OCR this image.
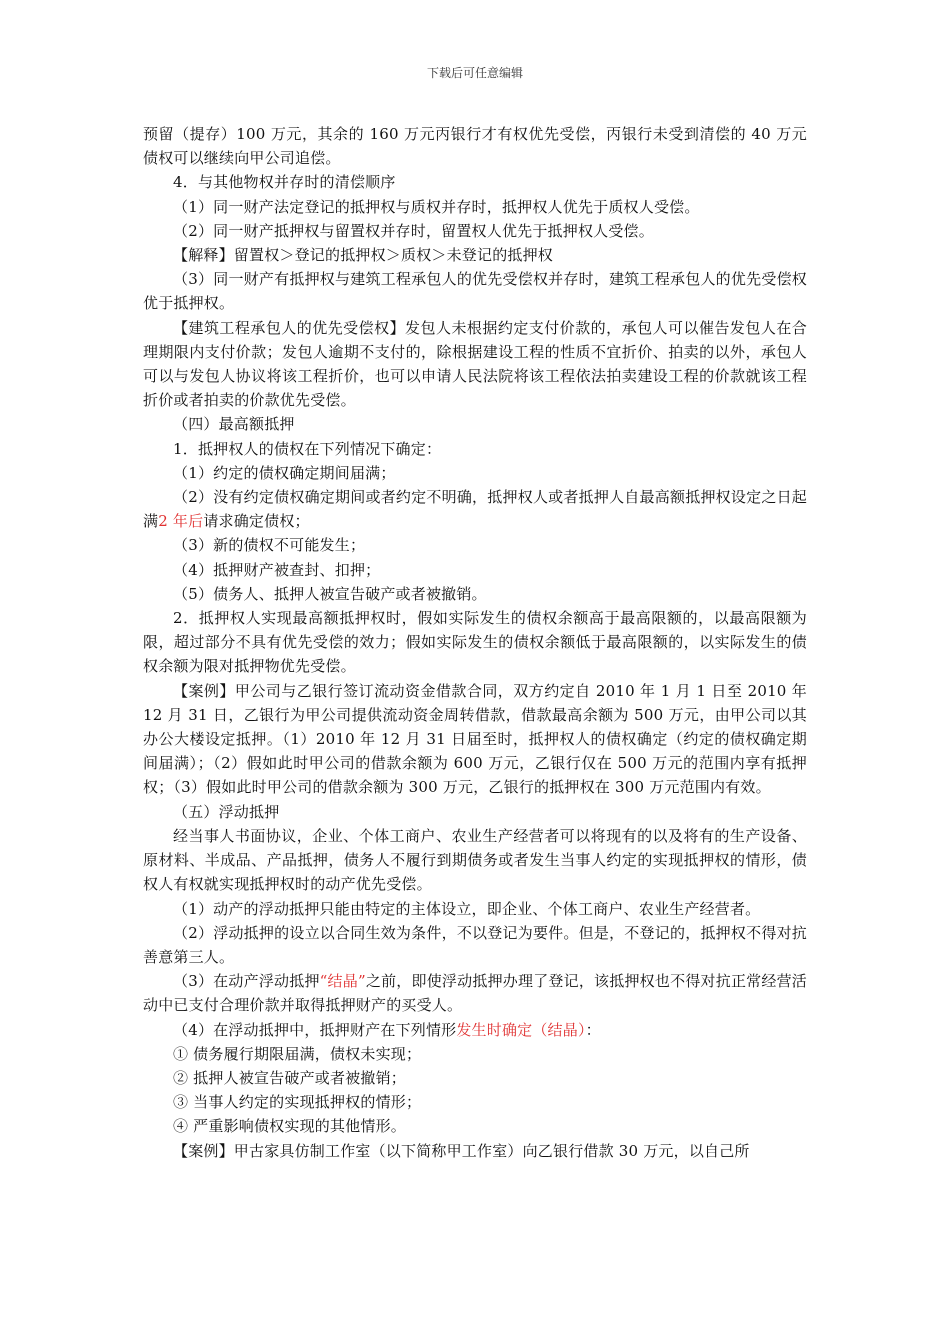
下载后可任意编辑

预留（提存）100 万元，其余的 160 万元丙银行才有权优先受偿，丙银行未受到清偿的 40 万元债权可以继续向甲公司追偿。

4．与其他物权并存时的清偿顺序

（1）同一财产法定登记的抵押权与质权并存时，抵押权人优先于质权人受偿。

（2）同一财产抵押权与留置权并存时，留置权人优先于抵押权人受偿。

【解释】留置权＞登记的抵押权＞质权＞未登记的抵押权

（3）同一财产有抵押权与建筑工程承包人的优先受偿权并存时，建筑工程承包人的优先受偿权优于抵押权。

【建筑工程承包人的优先受偿权】发包人未根据约定支付价款的，承包人可以催告发包人在合理期限内支付价款；发包人逾期不支付的，除根据建设工程的性质不宜折价、拍卖的以外，承包人可以与发包人协议将该工程折价，也可以申请人民法院将该工程依法拍卖建设工程的价款就该工程折价或者拍卖的价款优先受偿。

（四）最高额抵押

1．抵押权人的债权在下列情况下确定：

（1）约定的债权确定期间届满；

（2）没有约定债权确定期间或者约定不明确，抵押权人或者抵押人自最高额抵押权设定之日起满2 年后请求确定债权；

（3）新的债权不可能发生；

（4）抵押财产被查封、扣押；

（5）债务人、抵押人被宣告破产或者被撤销。

2．抵押权人实现最高额抵押权时，假如实际发生的债权余额高于最高限额的，以最高限额为限，超过部分不具有优先受偿的效力；假如实际发生的债权余额低于最高限额的，以实际发生的债权余额为限对抵押物优先受偿。

【案例】甲公司与乙银行签订流动资金借款合同，双方约定自 2010 年 1 月 1 日至 2010 年 12 月 31 日，乙银行为甲公司提供流动资金周转借款，借款最高余额为 500 万元，由甲公司以其办公大楼设定抵押。（1）2010 年 12 月 31 日届至时，抵押权人的债权确定（约定的债权确定期间届满）；（2）假如此时甲公司的借款余额为 600 万元，乙银行仅在 500 万元的范围内享有抵押权；（3）假如此时甲公司的借款余额为 300 万元，乙银行的抵押权在 300 万元范围内有效。

（五）浮动抵押

经当事人书面协议，企业、个体工商户、农业生产经营者可以将现有的以及将有的生产设备、原材料、半成品、产品抵押，债务人不履行到期债务或者发生当事人约定的实现抵押权的情形，债权人有权就实现抵押权时的动产优先受偿。

（1）动产的浮动抵押只能由特定的主体设立，即企业、个体工商户、农业生产经营者。

（2）浮动抵押的设立以合同生效为条件，不以登记为要件。但是，不登记的，抵押权不得对抗善意第三人。

（3）在动产浮动抵押“结晶”之前，即使浮动抵押办理了登记，该抵押权也不得对抗正常经营活动中已支付合理价款并取得抵押财产的买受人。

（4）在浮动抵押中，抵押财产在下列情形发生时确定（结晶）：

① 债务履行期限届满，债权未实现；

② 抵押人被宣告破产或者被撤销；

③ 当事人约定的实现抵押权的情形；

④ 严重影响债权实现的其他情形。

【案例】甲古家具仿制工作室（以下简称甲工作室）向乙银行借款 30 万元，以自己所
